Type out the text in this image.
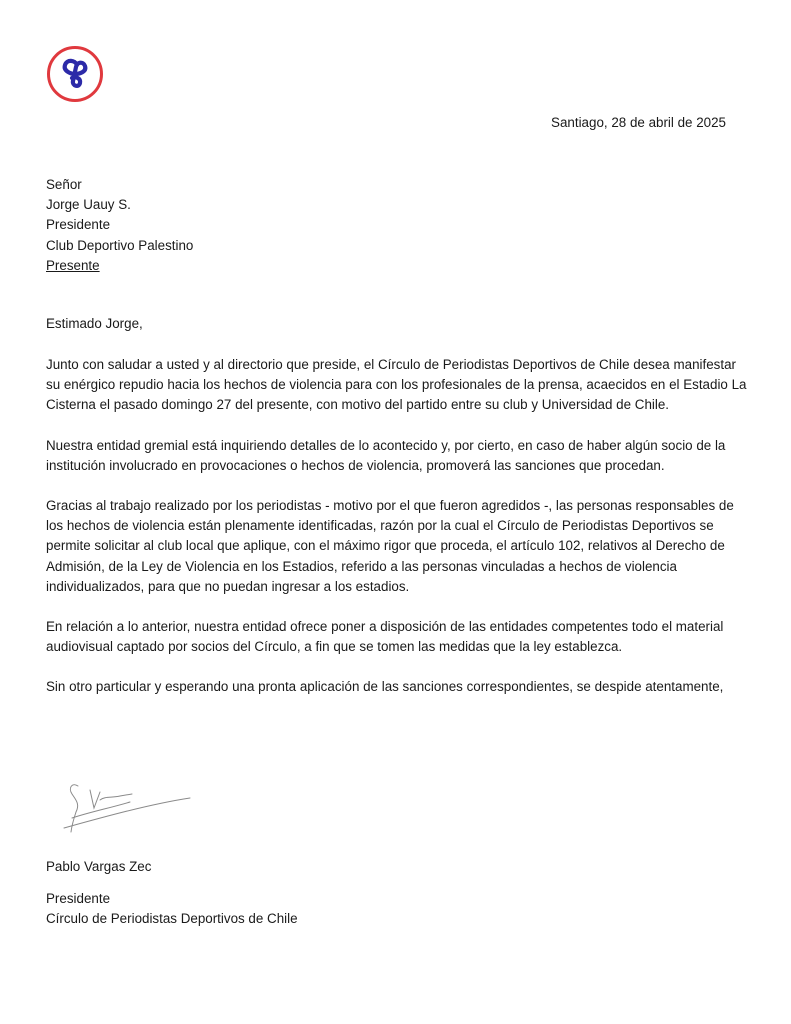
Santiago, 28 de abril de 2025
Señor
Jorge Uauy S.
Presidente
Club Deportivo Palestino
Presente
Estimado Jorge,

Junto con saludar a usted y al directorio que preside, el Círculo de Periodistas Deportivos de Chile desea manifestar su enérgico repudio hacia los hechos de violencia para con los profesionales de la prensa, acaecidos en el Estadio La Cisterna el pasado domingo 27 del presente, con motivo del partido entre su club y Universidad de Chile.

Nuestra entidad gremial está inquiriendo detalles de lo acontecido y, por cierto, en caso de haber algún socio de la institución involucrado en provocaciones o hechos de violencia, promoverá las sanciones que procedan.

Gracias al trabajo realizado por los periodistas - motivo por el que fueron agredidos -, las personas responsables de los hechos de violencia están plenamente identificadas, razón por la cual el Círculo de Periodistas Deportivos se permite solicitar al club local que aplique, con el máximo rigor que proceda, el artículo 102, relativos al Derecho de Admisión, de la Ley de Violencia en los Estadios, referido a las personas vinculadas a hechos de violencia individualizados, para que no puedan ingresar a los estadios.

En relación a lo anterior, nuestra entidad ofrece poner a disposición de las entidades competentes todo el material audiovisual captado por socios del Círculo, a fin que se tomen las medidas que la ley establezca.

Sin otro particular y esperando una pronta aplicación de las sanciones correspondientes, se despide atentamente,

Pablo Vargas Zec
Presidente
Círculo de Periodistas Deportivos de Chile
